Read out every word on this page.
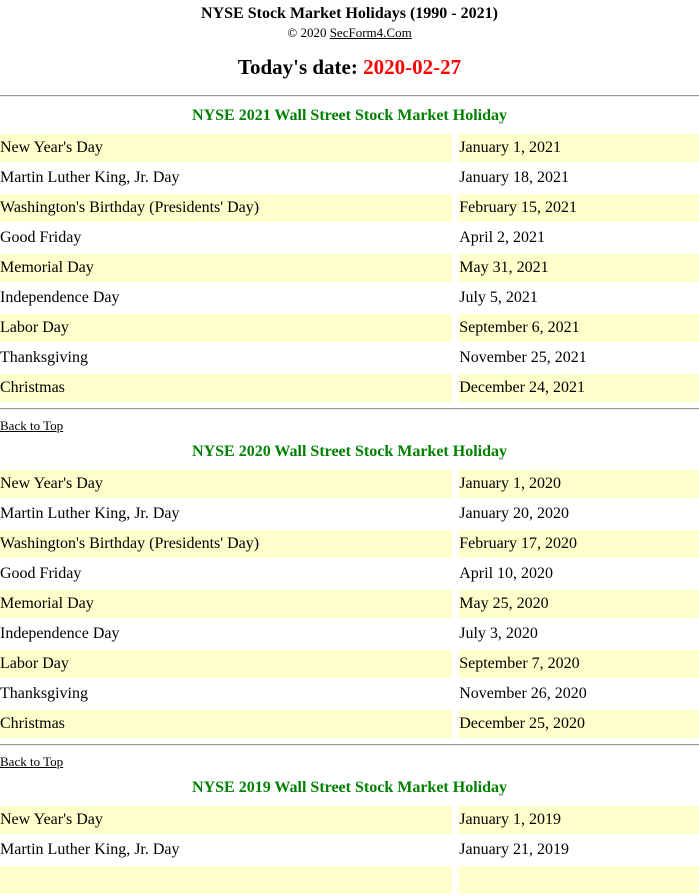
NYSE Stock Market Holidays (1990 - 2021)
© 2020 SecForm4.Com
Today's date: 2020-02-27
NYSE 2021 Wall Street Stock Market Holiday
New Year's Day	January 1, 2021
Martin Luther King, Jr. Day	January 18, 2021
Washington's Birthday (Presidents' Day)	February 15, 2021
Good Friday	April 2, 2021
Memorial Day	May 31, 2021
Independence Day	July 5, 2021
Labor Day	September 6, 2021
Thanksgiving	November 25, 2021
Christmas	December 24, 2021
Back to Top
NYSE 2020 Wall Street Stock Market Holiday
New Year's Day	January 1, 2020
Martin Luther King, Jr. Day	January 20, 2020
Washington's Birthday (Presidents' Day)	February 17, 2020
Good Friday	April 10, 2020
Memorial Day	May 25, 2020
Independence Day	July 3, 2020
Labor Day	September 7, 2020
Thanksgiving	November 26, 2020
Christmas	December 25, 2020
Back to Top
NYSE 2019 Wall Street Stock Market Holiday
New Year's Day	January 1, 2019
Martin Luther King, Jr. Day	January 21, 2019
